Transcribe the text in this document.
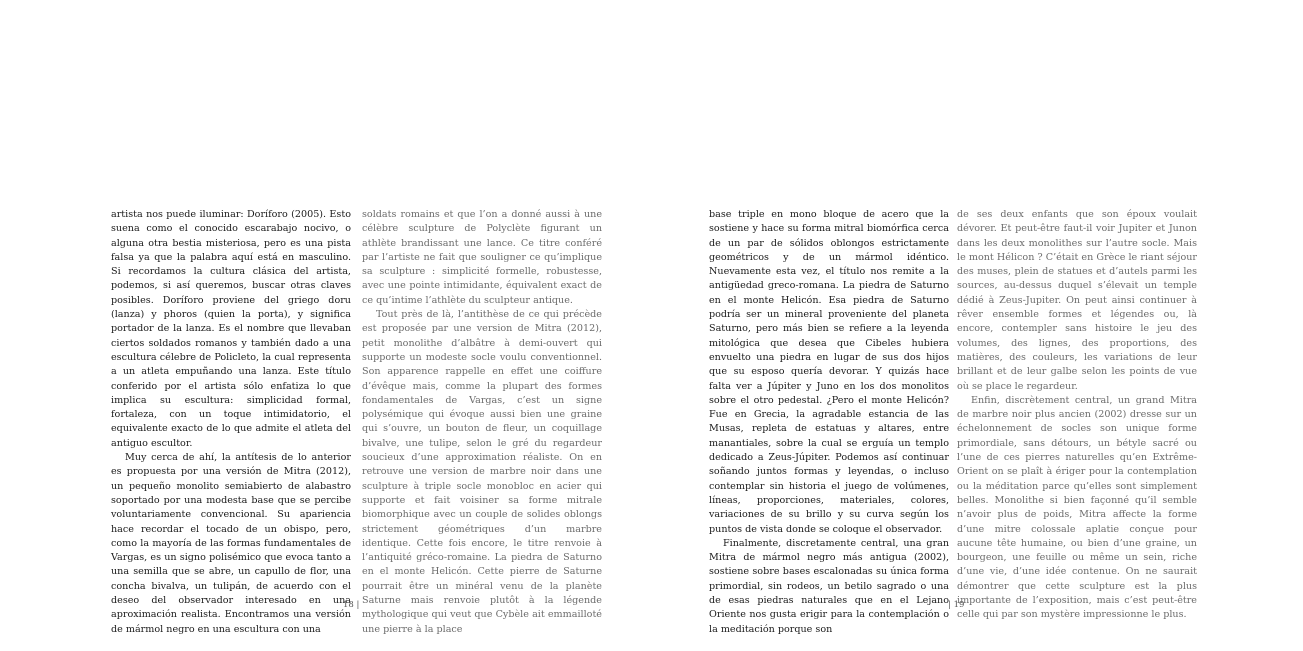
artista nos puede iluminar: Doríforo (2005). Esto suena como el conocido escarabajo nocivo, o alguna otra bestia misteriosa, pero es una pista falsa ya que la palabra aquí está en masculino. Si recordamos la cultura clásica del artista, podemos, si así queremos, buscar otras claves posibles. Doríforo proviene del griego doru (lanza) y phoros (quien la porta), y significa portador de la lanza. Es el nombre que llevaban ciertos soldados romanos y también dado a una escultura célebre de Policleto, la cual representa a un atleta empuñando una lanza. Este título conferido por el artista sólo enfatiza lo que implica su escultura: simplicidad formal, fortaleza, con un toque intimidatorio, el equivalente exacto de lo que admite el atleta del antiguo escultor.

Muy cerca de ahí, la antítesis de lo anterior es propuesta por una versión de Mitra (2012), un pequeño monolito semiabierto de alabastro soportado por una modesta base que se percibe voluntariamente convencional. Su apariencia hace recordar el tocado de un obispo, pero, como la mayoría de las formas fundamentales de Vargas, es un signo polisémico que evoca tanto a una semilla que se abre, un capullo de flor, una concha bivalva, un tulipán, de acuerdo con el deseo del observador interesado en una aproximación realista. Encontramos una versión de mármol negro en una escultura con una

soldats romains et que l’on a donné aussi à une célèbre sculpture de Polyclète figurant un athlète brandissant une lance. Ce titre conféré par l’artiste ne fait que souligner ce qu’implique sa sculpture : simplicité formelle, robustesse, avec une pointe intimidante, équivalent exact de ce qu’intime l’athlète du sculpteur antique.

Tout près de là, l’antithèse de ce qui précède est proposée par une version de Mitra (2012), petit monolithe d’albâtre à demi-ouvert qui supporte un modeste socle voulu conventionnel. Son apparence rappelle en effet une coiffure d’évêque mais, comme la plupart des formes fondamentales de Vargas, c’est un signe polysémique qui évoque aussi bien une graine qui s’ouvre, un bouton de fleur, un coquillage bivalve, une tulipe, selon le gré du regardeur soucieux d’une approximation réaliste. On en retrouve une version de marbre noir dans une sculpture à triple socle monobloc en acier qui supporte et fait voisiner sa forme mitrale biomorphique avec un couple de solides oblongs strictement géométriques d’un marbre identique. Cette fois encore, le titre renvoie à l’antiquité gréco-romaine. La piedra de Saturno en el monte Helicón. Cette pierre de Saturne pourrait être un minéral venu de la planète Saturne mais renvoie plutôt à la légende mythologique qui veut que Cybèle ait emmailloté une pierre à la place

base triple en mono bloque de acero que la sostiene y hace su forma mitral biomórfica cerca de un par de sólidos oblongos estrictamente geométricos y de un mármol idéntico. Nuevamente esta vez, el título nos remite a la antigüedad greco-romana. La piedra de Saturno en el monte Helicón. Esa piedra de Saturno podría ser un mineral proveniente del planeta Saturno, pero más bien se refiere a la leyenda mitológica que desea que Cibeles hubiera envuelto una piedra en lugar de sus dos hijos que su esposo quería devorar. Y quizás hace falta ver a Júpiter y Juno en los dos monolitos sobre el otro pedestal. ¿Pero el monte Helicón? Fue en Grecia, la agradable estancia de las Musas, repleta de estatuas y altares, entre manantiales, sobre la cual se erguía un templo dedicado a Zeus-Júpiter. Podemos así continuar soñando juntos formas y leyendas, o incluso contemplar sin historia el juego de volúmenes, líneas, proporciones, materiales, colores, variaciones de su brillo y su curva según los puntos de vista donde se coloque el observador.

Finalmente, discretamente central, una gran Mitra de mármol negro más antigua (2002), sostiene sobre bases escalonadas su única forma primordial, sin rodeos, un betilo sagrado o una de esas piedras naturales que en el Lejano Oriente nos gusta erigir para la contemplación o la meditación porque son

de ses deux enfants que son époux voulait dévorer. Et peut-être faut-il voir Jupiter et Junon dans les deux monolithes sur l’autre socle. Mais le mont Hélicon ? C’était en Grèce le riant séjour des muses, plein de statues et d’autels parmi les sources, au-dessus duquel s’élevait un temple dédié à Zeus-Jupiter. On peut ainsi continuer à rêver ensemble formes et légendes ou, là encore, contempler sans histoire le jeu des volumes, des lignes, des proportions, des matières, des couleurs, les variations de leur brillant et de leur galbe selon les points de vue où se place le regardeur.

Enfin, discrètement central, un grand Mitra de marbre noir plus ancien (2002) dresse sur un échelonnement de socles son unique forme primordiale, sans détours, un bétyle sacré ou l’une de ces pierres naturelles qu’en Extrême-Orient on se plaît à ériger pour la contemplation ou la méditation parce qu’elles sont simplement belles. Monolithe si bien façonné qu’il semble n’avoir plus de poids, Mitra affecte la forme d’une mitre colossale aplatie conçue pour aucune tête humaine, ou bien d’une graine, un bourgeon, une feuille ou même un sein, riche d’une vie, d’une idée contenue. On ne saurait démontrer que cette sculpture est la plus importante de l’exposition, mais c’est peut-être celle qui par son mystère impressionne le plus.

18 |	| 19
